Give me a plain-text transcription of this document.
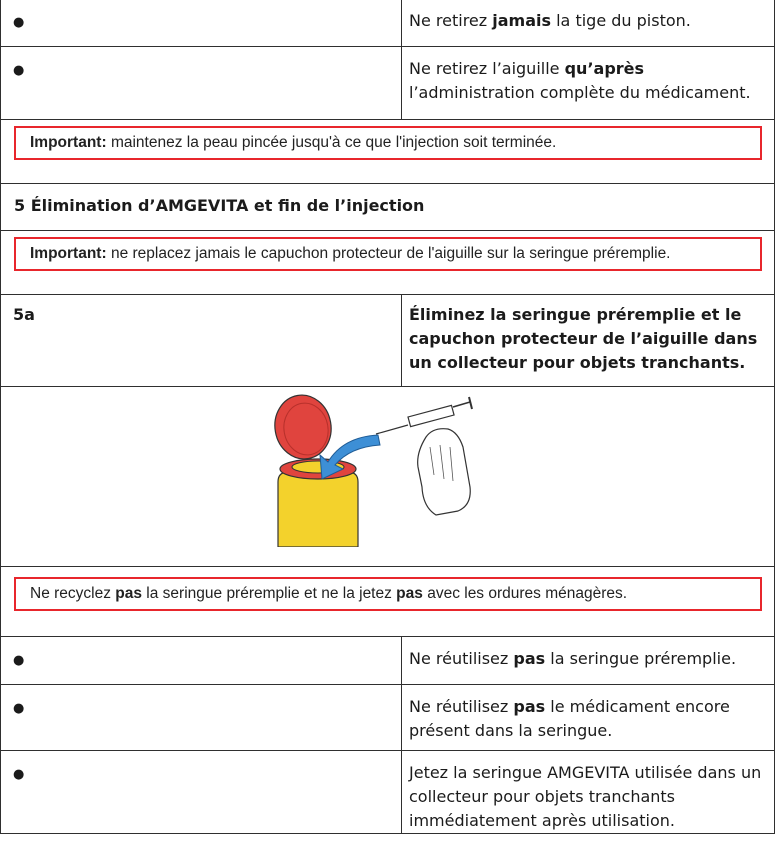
●	Ne retirez jamais la tige du piston.
●	Ne retirez l’aiguille qu’après l’administration complète du médicament.

Important: maintenez la peau pincée jusqu'à ce que l'injection soit terminée.	

5 Élimination d’AMGEVITA et fin de l’injection	

Important: ne replacez jamais le capuchon protecteur de l'aiguille sur la seringue préremplie.	

5a	Éliminez la seringue préremplie et le capuchon protecteur de l’aiguille dans un collecteur pour objets tranchants.

Ne recyclez pas la seringue préremplie et ne la jetez pas avec les ordures ménagères.	

●	Ne réutilisez pas la seringue préremplie.
●	Ne réutilisez pas le médicament encore présent dans la seringue.
●	Jetez la seringue AMGEVITA utilisée dans un collecteur pour objets tranchants immédiatement après utilisation.
